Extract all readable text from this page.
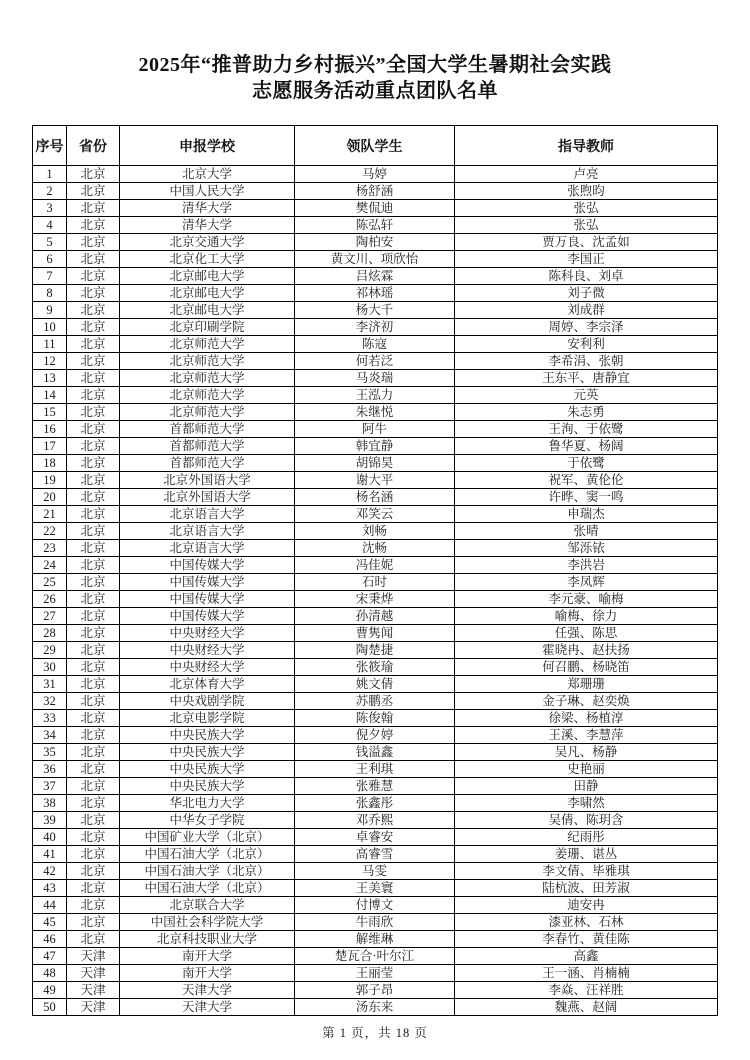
2025年“推普助力乡村振兴”全国大学生暑期社会实践
志愿服务活动重点团队名单
序号	省份	申报学校	领队学生	指导教师
1	北京	北京大学	马婷	卢亮
2	北京	中国人民大学	杨舒涵	张煦昀
3	北京	清华大学	樊侃迪	张弘
4	北京	清华大学	陈弘轩	张弘
5	北京	北京交通大学	陶柏安	贾万良、沈孟如
6	北京	北京化工大学	黄文川、项欣怡	李国正
7	北京	北京邮电大学	吕炫霖	陈科良、刘卓
8	北京	北京邮电大学	祁林瑶	刘子微
9	北京	北京邮电大学	杨大千	刘成群
10	北京	北京印刷学院	李济初	周婷、李宗泽
11	北京	北京师范大学	陈寇	安利利
12	北京	北京师范大学	何若泛	李希涓、张朝
13	北京	北京师范大学	马炎瑞	王东平、唐静宜
14	北京	北京师范大学	王泓力	元英
15	北京	北京师范大学	朱继悦	朱志勇
16	北京	首都师范大学	阿牛	王洵、于依鹭
17	北京	首都师范大学	韩宜静	鲁华夏、杨阔
18	北京	首都师范大学	胡锦昊	于依鹭
19	北京	北京外国语大学	谢大平	祝军、黄伦伦
20	北京	北京外国语大学	杨名涵	许晔、窦一鸣
21	北京	北京语言大学	邓笑云	申瑞杰
22	北京	北京语言大学	刘畅	张晴
23	北京	北京语言大学	沈畅	邹泺铱
24	北京	中国传媒大学	冯佳妮	李洪岩
25	北京	中国传媒大学	石时	李凤辉
26	北京	中国传媒大学	宋秉烨	李元豪、喻梅
27	北京	中国传媒大学	孙清越	喻梅、徐力
28	北京	中央财经大学	曹隽闻	任强、陈思
29	北京	中央财经大学	陶楚捷	霍晓冉、赵扶扬
30	北京	中央财经大学	张筱瑜	何召鹏、杨晓笛
31	北京	北京体育大学	姚文倩	郑珊珊
32	北京	中央戏剧学院	苏鹏丞	金子琳、赵奕焕
33	北京	北京电影学院	陈俊翰	徐梁、杨植淳
34	北京	中央民族大学	倪夕婷	王溪、李慧萍
35	北京	中央民族大学	钱溢鑫	吴凡、杨静
36	北京	中央民族大学	王利琪	史艳丽
37	北京	中央民族大学	张雅慧	田静
38	北京	华北电力大学	张鑫彤	李啸然
39	北京	中华女子学院	邓乔熙	吴倩、陈玥含
40	北京	中国矿业大学（北京）	卓睿安	纪雨彤
41	北京	中国石油大学（北京）	高睿雪	姜珊、谌丛
42	北京	中国石油大学（北京）	马雯	李文倩、毕雅琪
43	北京	中国石油大学（北京）	王美寰	陆杭波、田芳淑
44	北京	北京联合大学	付博文	迪安冉
45	北京	中国社会科学院大学	牛雨欣	漆亚林、石林
46	北京	北京科技职业大学	解维琳	李春竹、黄佳陈
47	天津	南开大学	楚瓦合·叶尔江	高鑫
48	天津	南开大学	王丽莹	王一涵、肖楠楠
49	天津	天津大学	郭子昂	李焱、汪祥胜
50	天津	天津大学	汤东来	魏燕、赵阔
第 1 页，共 18 页
